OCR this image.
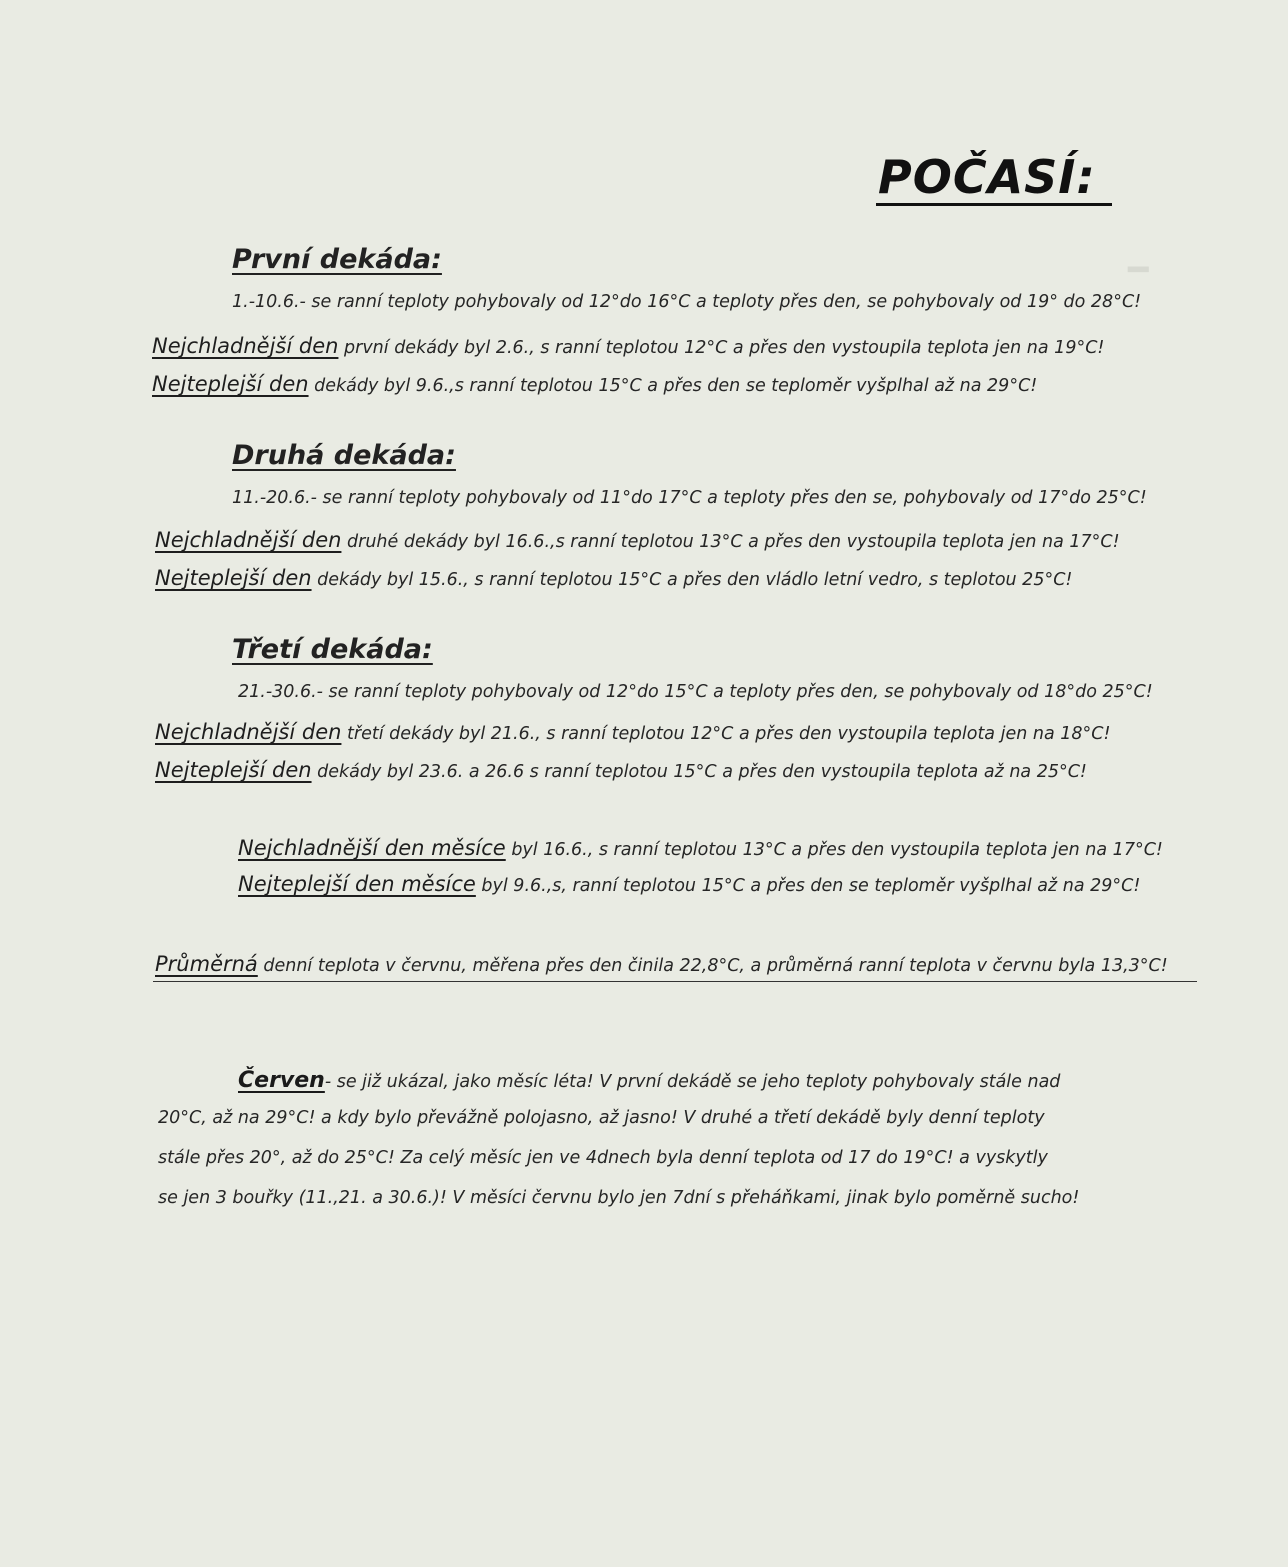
━
POČASÍ:
První dekáda:
1.-10.6.- se ranní teploty pohybovaly od 12°do 16°C a teploty přes den, se pohybovaly od 19° do 28°C!
Nejchladnější den první dekády byl 2.6., s ranní teplotou 12°C a přes den vystoupila teplota jen na 19°C!
Nejteplejší den dekády byl 9.6.,s ranní teplotou 15°C a přes den se teploměr vyšplhal až na 29°C!
Druhá dekáda:
11.-20.6.- se ranní teploty pohybovaly od 11°do 17°C a teploty přes den se, pohybovaly od 17°do 25°C!
Nejchladnější den druhé dekády byl 16.6.,s ranní teplotou 13°C a přes den vystoupila teplota jen na 17°C!
Nejteplejší den dekády byl 15.6., s ranní teplotou 15°C a přes den vládlo letní vedro, s teplotou 25°C!
Třetí dekáda:
21.-30.6.- se ranní teploty pohybovaly od 12°do 15°C a teploty přes den, se pohybovaly od 18°do 25°C!
Nejchladnější den třetí dekády byl 21.6., s ranní teplotou 12°C a přes den vystoupila teplota jen na 18°C!
Nejteplejší den dekády byl 23.6. a 26.6 s ranní teplotou 15°C a přes den vystoupila teplota až na 25°C!
Nejchladnější den měsíce byl 16.6., s ranní teplotou 13°C a přes den vystoupila teplota jen na 17°C!
Nejteplejší den měsíce byl 9.6.,s, ranní teplotou 15°C a přes den se teploměr vyšplhal až na 29°C!
Průměrná denní teplota v červnu, měřena přes den činila 22,8°C, a průměrná ranní teplota v červnu byla 13,3°C!
Červen- se již ukázal, jako měsíc léta! V první dekádě se jeho teploty pohybovaly stále nad
20°C, až na 29°C! a kdy bylo převážně polojasno, až jasno! V druhé a třetí dekádě byly denní teploty
stále přes 20°, až do 25°C! Za celý měsíc jen ve 4dnech byla denní teplota od 17 do 19°C! a vyskytly
se jen 3 bouřky (11.,21. a 30.6.)! V měsíci červnu bylo jen 7dní s přeháňkami, jinak bylo poměrně sucho!
